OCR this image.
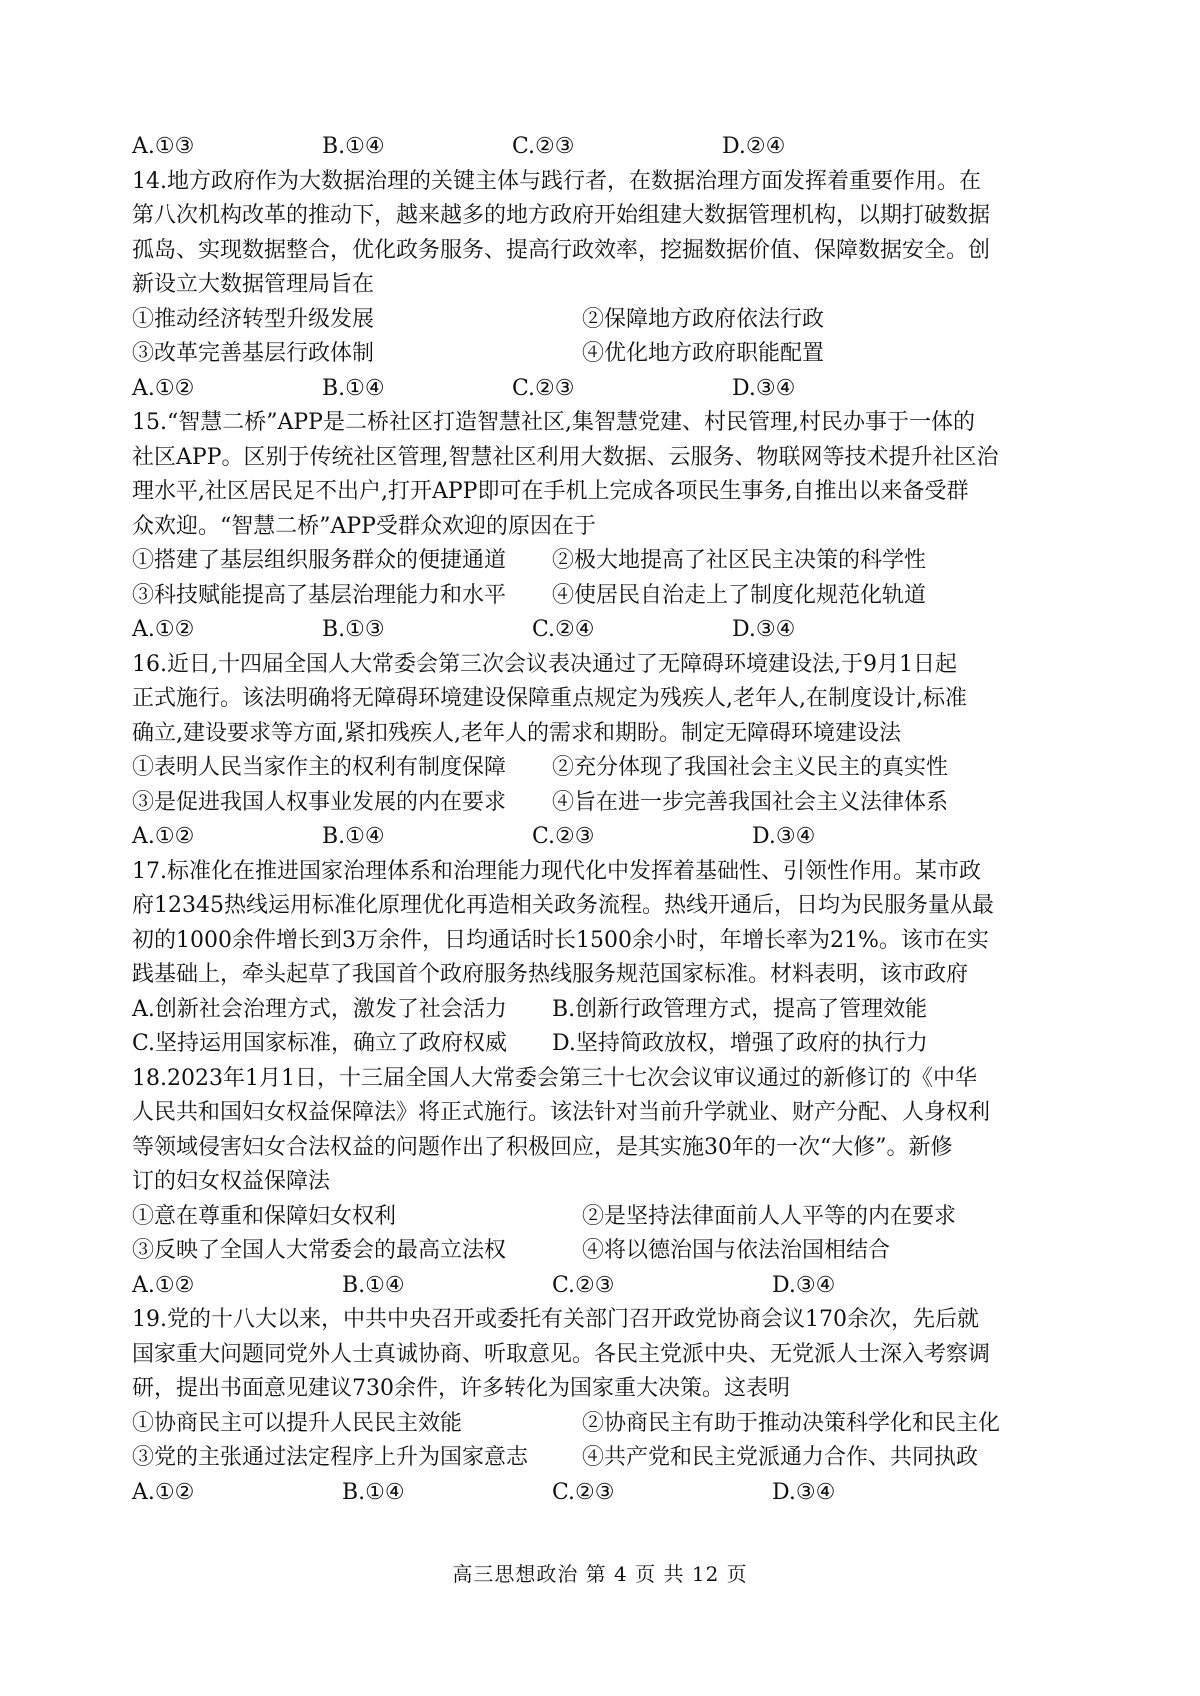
A.①③	B.①④	C.②③	D.②④
14.地方政府作为大数据治理的关键主体与践行者，在数据治理方面发挥着重要作用。在
第八次机构改革的推动下，越来越多的地方政府开始组建大数据管理机构，以期打破数据
孤岛、实现数据整合，优化政务服务、提高行政效率，挖掘数据价值、保障数据安全。创
新设立大数据管理局旨在
①推动经济转型升级发展	②保障地方政府依法行政
③改革完善基层行政体制	④优化地方政府职能配置
A.①②	B.①④	C.②③	D.③④
15.“智慧二桥”APP是二桥社区打造智慧社区,集智慧党建、村民管理,村民办事于一体的
社区APP。区别于传统社区管理,智慧社区利用大数据、云服务、物联网等技术提升社区治
理水平,社区居民足不出户,打开APP即可在手机上完成各项民生事务,自推出以来备受群
众欢迎。“智慧二桥”APP受群众欢迎的原因在于
①搭建了基层组织服务群众的便捷通道	②极大地提高了社区民主决策的科学性
③科技赋能提高了基层治理能力和水平	④使居民自治走上了制度化规范化轨道
A.①②	B.①③	C.②④	D.③④
16.近日,十四届全国人大常委会第三次会议表决通过了无障碍环境建设法,于9月1日起
正式施行。该法明确将无障碍环境建设保障重点规定为残疾人,老年人,在制度设计,标准
确立,建设要求等方面,紧扣残疾人,老年人的需求和期盼。制定无障碍环境建设法
①表明人民当家作主的权利有制度保障	②充分体现了我国社会主义民主的真实性
③是促进我国人权事业发展的内在要求	④旨在进一步完善我国社会主义法律体系
A.①②	B.①④	C.②③	D.③④
17.标准化在推进国家治理体系和治理能力现代化中发挥着基础性、引领性作用。某市政
府12345热线运用标准化原理优化再造相关政务流程。热线开通后，日均为民服务量从最
初的1000余件增长到3万余件，日均通话时长1500余小时，年增长率为21%。该市在实
践基础上，牵头起草了我国首个政府服务热线服务规范国家标准。材料表明，该市政府
A.创新社会治理方式，激发了社会活力	B.创新行政管理方式，提高了管理效能
C.坚持运用国家标准，确立了政府权威	D.坚持简政放权，增强了政府的执行力
18.2023年1月1日，十三届全国人大常委会第三十七次会议审议通过的新修订的《中华
人民共和国妇女权益保障法》将正式施行。该法针对当前升学就业、财产分配、人身权利
等领域侵害妇女合法权益的问题作出了积极回应，是其实施30年的一次“大修”。新修
订的妇女权益保障法
①意在尊重和保障妇女权利	②是坚持法律面前人人平等的内在要求
③反映了全国人大常委会的最高立法权	④将以德治国与依法治国相结合
A.①②	B.①④	C.②③	D.③④
19.党的十八大以来，中共中央召开或委托有关部门召开政党协商会议170余次，先后就
国家重大问题同党外人士真诚协商、听取意见。各民主党派中央、无党派人士深入考察调
研，提出书面意见建议730余件，许多转化为国家重大决策。这表明
①协商民主可以提升人民民主效能	②协商民主有助于推动决策科学化和民主化
③党的主张通过法定程序上升为国家意志	④共产党和民主党派通力合作、共同执政
A.①②	B.①④	C.②③	D.③④
高三思想政治 第 4 页 共 12 页
